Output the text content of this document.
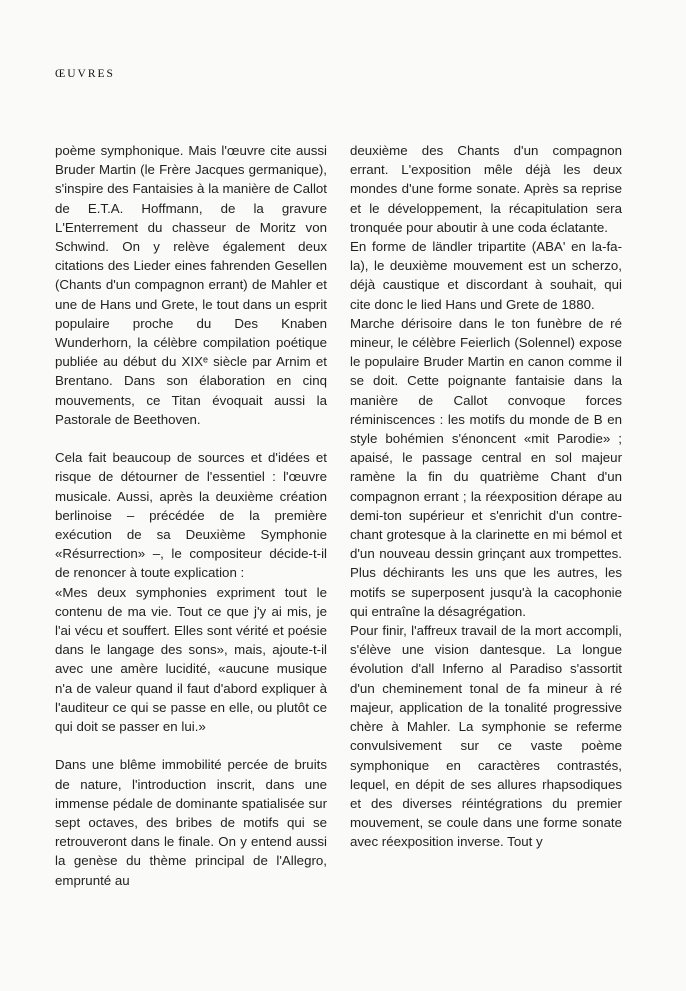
ŒUVRES

poème symphonique. Mais l'œuvre cite aussi Bruder Martin (le Frère Jacques germanique), s'inspire des Fantaisies à la manière de Callot de E.T.A. Hoffmann, de la gravure L'Enterrement du chasseur de Moritz von Schwind. On y relève également deux citations des Lieder eines fahrenden Gesellen (Chants d'un compagnon errant) de Mahler et une de Hans und Grete, le tout dans un esprit populaire proche du Des Knaben Wunderhorn, la célèbre compilation poétique publiée au début du XIXᵉ siècle par Arnim et Brentano. Dans son élaboration en cinq mouvements, ce Titan évoquait aussi la Pastorale de Beethoven.

Cela fait beaucoup de sources et d'idées et risque de détourner de l'essentiel : l'œuvre musicale. Aussi, après la deuxième création berlinoise – précédée de la première exécution de sa Deuxième Symphonie «Résurrection» –, le compositeur décide-t-il de renoncer à toute explication :

«Mes deux symphonies expriment tout le contenu de ma vie. Tout ce que j'y ai mis, je l'ai vécu et souffert. Elles sont vérité et poésie dans le langage des sons», mais, ajoute-t-il avec une amère lucidité, «aucune musique n'a de valeur quand il faut d'abord expliquer à l'auditeur ce qui se passe en elle, ou plutôt ce qui doit se passer en lui.»

Dans une blême immobilité percée de bruits de nature, l'introduction inscrit, dans une immense pédale de dominante spatialisée sur sept octaves, des bribes de motifs qui se retrouveront dans le finale. On y entend aussi la genèse du thème principal de l'Allegro, emprunté au

deuxième des Chants d'un compagnon errant. L'exposition mêle déjà les deux mondes d'une forme sonate. Après sa reprise et le développement, la récapitulation sera tronquée pour aboutir à une coda éclatante.

En forme de ländler tripartite (ABA' en la-fa-la), le deuxième mouvement est un scherzo, déjà caustique et discordant à souhait, qui cite donc le lied Hans und Grete de 1880.

Marche dérisoire dans le ton funèbre de ré mineur, le célèbre Feierlich (Solennel) expose le populaire Bruder Martin en canon comme il se doit. Cette poignante fantaisie dans la manière de Callot convoque forces réminiscences : les motifs du monde de B en style bohémien s'énoncent «mit Parodie» ; apaisé, le passage central en sol majeur ramène la fin du quatrième Chant d'un compagnon errant ; la réexposition dérape au demi-ton supérieur et s'enrichit d'un contre-chant grotesque à la clarinette en mi bémol et d'un nouveau dessin grinçant aux trompettes. Plus déchirants les uns que les autres, les motifs se superposent jusqu'à la cacophonie qui entraîne la désagrégation.

Pour finir, l'affreux travail de la mort accompli, s'élève une vision dantesque. La longue évolution d'all Inferno al Paradiso s'assortit d'un cheminement tonal de fa mineur à ré majeur, application de la tonalité progressive chère à Mahler. La symphonie se referme convulsivement sur ce vaste poème symphonique en caractères contrastés, lequel, en dépit de ses allures rhapsodiques et des diverses réintégrations du premier mouvement, se coule dans une forme sonate avec réexposition inverse. Tout y
